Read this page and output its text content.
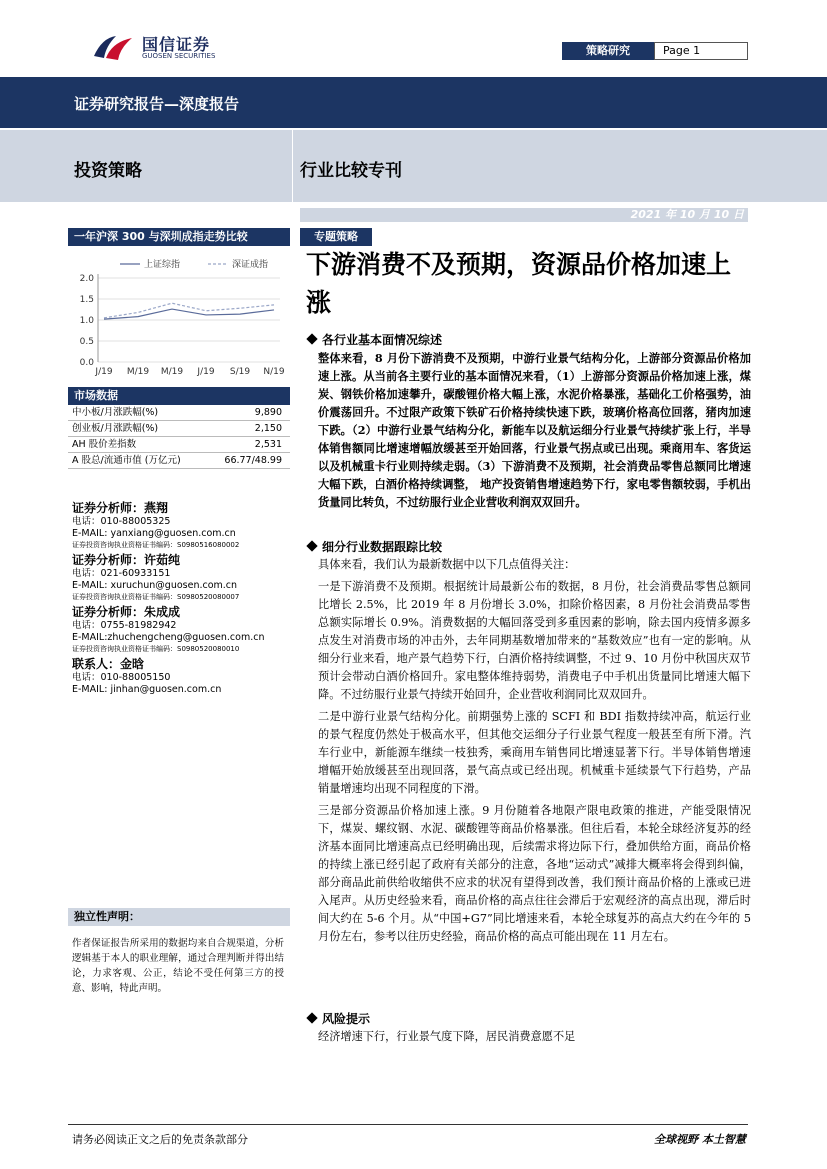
国信证券
GUOSEN SECURITIES	策略研究	Page 1
证券研究报告—深度报告
投资策略	行业比较专刊
2021 年 10 月 10 日
一年沪深 300 与深圳成指走势比较
2.0
1.5
1.0
0.5
0.0
J/19 M/19 M/19 J/19 S/19 N/19
上证综指	深证成指
市场数据
中小板/月涨跌幅(%)	9,890
创业板/月涨跌幅(%)	2,150
AH 股价差指数	2,531
A 股总/流通市值 (万亿元)	66.77/48.99
证券分析师：燕翔
电话：010-88005325
E-MAIL: yanxiang@guosen.com.cn
证券投资咨询执业资格证书编码：S0980516080002
证券分析师：许茹纯
电话：021-60933151
E-MAIL: xuruchun@guosen.com.cn
证券投资咨询执业资格证书编码：S0980520080007
证券分析师：朱成成
电话：0755-81982942
E-MAIL:zhuchengcheng@guosen.com.cn
证券投资咨询执业资格证书编码：S0980520080010
联系人：金晗
电话：010-88005150
E-MAIL: jinhan@guosen.com.cn
独立性声明：
作者保证报告所采用的数据均来自合规渠道，分析逻辑基于本人的职业理解，通过合理判断并得出结论，力求客观、公正，结论不受任何第三方的授意、影响，特此声明。
专题策略
下游消费不及预期，资源品价格加速上涨
各行业基本面情况综述
整体来看，8 月份下游消费不及预期，中游行业景气结构分化，上游部分资源品价格加速上涨。从当前各主要行业的基本面情况来看，（1）上游部分资源品价格加速上涨，煤炭、钢铁价格加速攀升，碳酸锂价格大幅上涨，水泥价格暴涨，基础化工价格强势，油价震荡回升。不过限产政策下铁矿石价格持续快速下跌，玻璃价格高位回落，猪肉加速下跌。（2）中游行业景气结构分化，新能车以及航运细分行业景气持续扩张上行，半导体销售额同比增速增幅放缓甚至开始回落，行业景气拐点或已出现。乘商用车、客货运以及机械重卡行业则持续走弱。（3）下游消费不及预期，社会消费品零售总额同比增速大幅下跌，白酒价格持续调整， 地产投资销售增速趋势下行，家电零售额较弱，手机出货量同比转负，不过纺服行业企业营收利润双双回升。
细分行业数据跟踪比较
具体来看，我们认为最新数据中以下几点值得关注：
一是下游消费不及预期。根据统计局最新公布的数据，8 月份，社会消费品零售总额同比增长 2.5%，比 2019 年 8 月份增长 3.0%，扣除价格因素，8 月份社会消费品零售总额实际增长 0.9%。消费数据的大幅回落受到多重因素的影响，除去国内疫情多源多点发生对消费市场的冲击外，去年同期基数增加带来的“基数效应”也有一定的影响。从细分行业来看，地产景气趋势下行，白酒价格持续调整，不过 9、10 月份中秋国庆双节预计会带动白酒价格回升。家电整体维持弱势，消费电子中手机出货量同比增速大幅下降。不过纺服行业景气持续开始回升，企业营收利润同比双双回升。
二是中游行业景气结构分化。前期强势上涨的 SCFI 和 BDI 指数持续冲高，航运行业的景气程度仍然处于极高水平，但其他交运细分子行业景气程度一般甚至有所下滑。汽车行业中，新能源车继续一枝独秀，乘商用车销售同比增速显著下行。半导体销售增速增幅开始放缓甚至出现回落，景气高点或已经出现。机械重卡延续景气下行趋势，产品销量增速均出现不同程度的下滑。
三是部分资源品价格加速上涨。9 月份随着各地限产限电政策的推进，产能受限情况下，煤炭、螺纹钢、水泥、碳酸锂等商品价格暴涨。但往后看，本轮全球经济复苏的经济基本面同比增速高点已经明确出现，后续需求将边际下行，叠加供给方面，商品价格的持续上涨已经引起了政府有关部分的注意，各地“运动式”减排大概率将会得到纠偏，部分商品此前供给收缩供不应求的状况有望得到改善，我们预计商品价格的上涨或已进入尾声。从历史经验来看，商品价格的高点往往会滞后于宏观经济的高点出现，滞后时间大约在 5-6 个月。从“中国+G7”同比增速来看，本轮全球复苏的高点大约在今年的 5 月份左右，参考以往历史经验，商品价格的高点可能出现在 11 月左右。
风险提示
经济增速下行，行业景气度下降，居民消费意愿不足
请务必阅读正文之后的免责条款部分	全球视野 本土智慧
